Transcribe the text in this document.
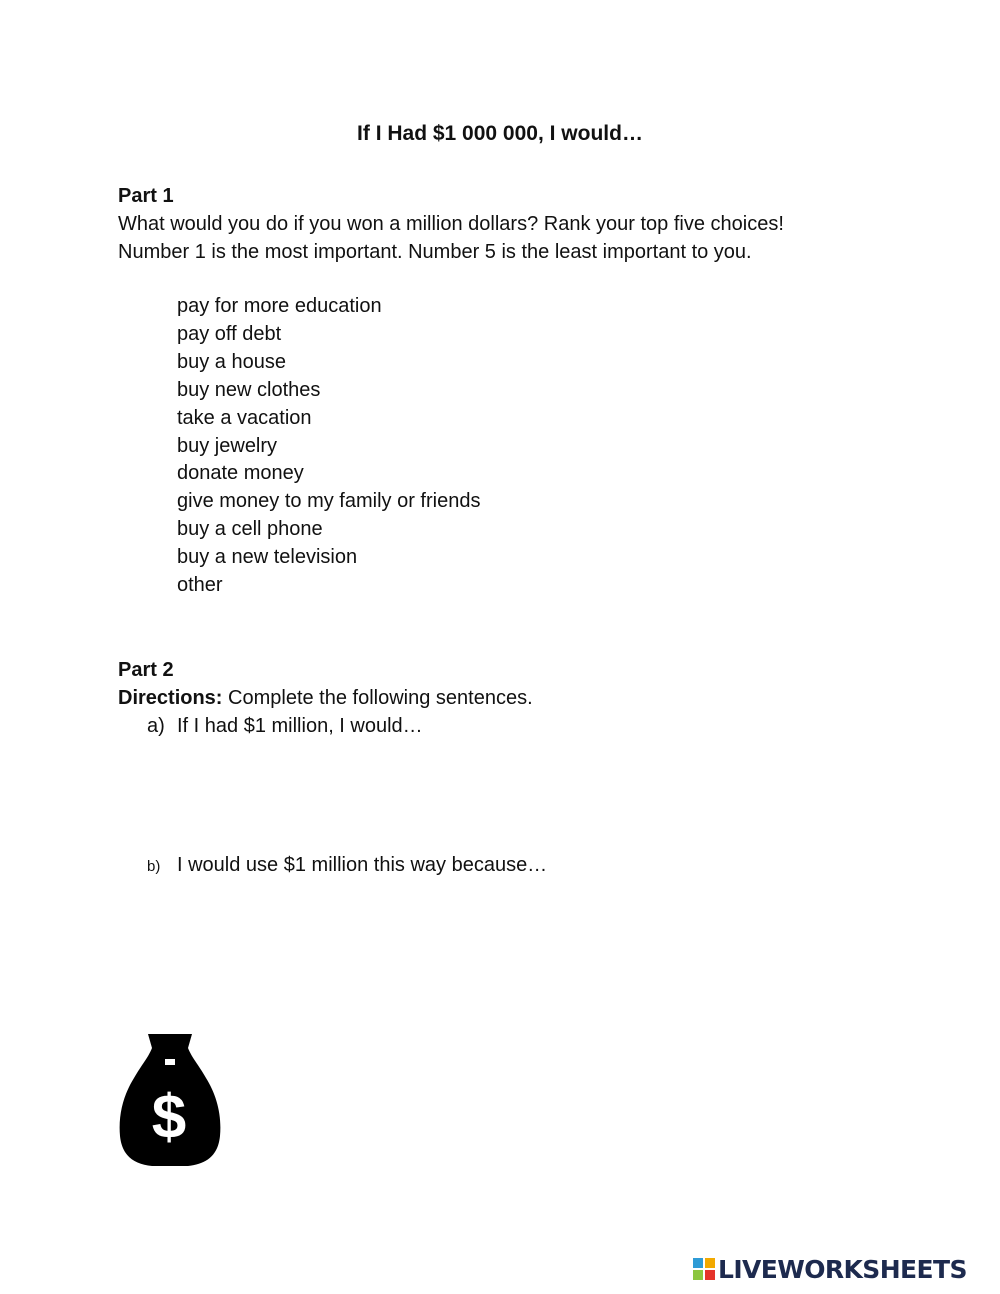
If I Had $1 000 000, I would…
Part 1
What would you do if you won a million dollars? Rank your top five choices!
Number 1 is the most important. Number 5 is the least important to you.
pay for more education
pay off debt
buy a house
buy new clothes
take a vacation
buy jewelry
donate money
give money to my family or friends
buy a cell phone
buy a new television
other
Part 2
Directions: Complete the following sentences.
a) If I had $1 million, I would…
b) I would use $1 million this way because…
$
LIVEWORKSHEETS
